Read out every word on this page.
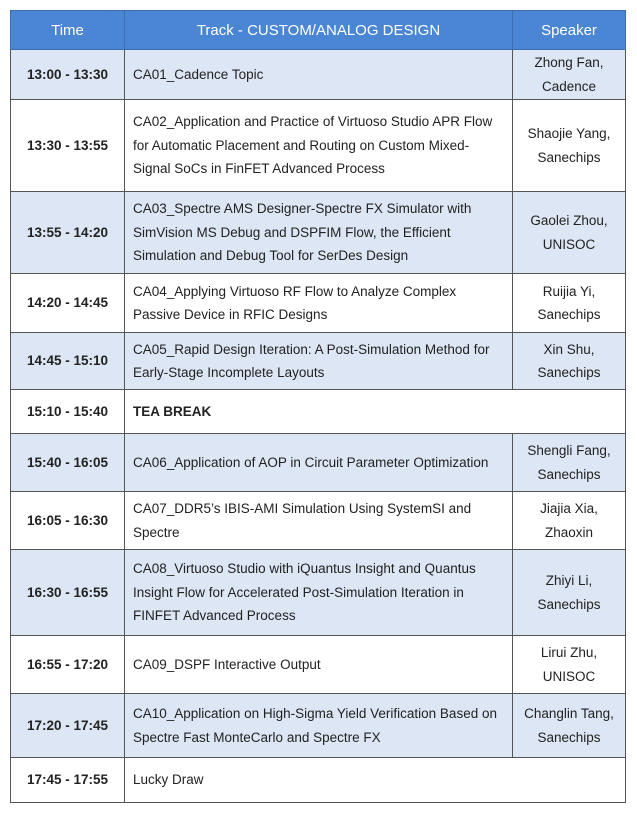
Time	Track - CUSTOM/ANALOG DESIGN	Speaker
13:00 - 13:30	CA01_Cadence Topic	Zhong Fan, Cadence
13:30 - 13:55	CA02_Application and Practice of Virtuoso Studio APR Flow for Automatic Placement and Routing on Custom Mixed-Signal SoCs in FinFET Advanced Process	Shaojie Yang, Sanechips
13:55 - 14:20	CA03_Spectre AMS Designer-Spectre FX Simulator with SimVision MS Debug and DSPFIM Flow, the Efficient Simulation and Debug Tool for SerDes Design	Gaolei Zhou, UNISOC
14:20 - 14:45	CA04_Applying Virtuoso RF Flow to Analyze Complex Passive Device in RFIC Designs	Ruijia Yi, Sanechips
14:45 - 15:10	CA05_Rapid Design Iteration: A Post-Simulation Method for Early-Stage Incomplete Layouts	Xin Shu, Sanechips
15:10 - 15:40	TEA BREAK	
15:40 - 16:05	CA06_Application of AOP in Circuit Parameter Optimization	Shengli Fang, Sanechips
16:05 - 16:30	CA07_DDR5’s IBIS-AMI Simulation Using SystemSI and Spectre	Jiajia Xia, Zhaoxin
16:30 - 16:55	CA08_Virtuoso Studio with iQuantus Insight and Quantus Insight Flow for Accelerated Post-Simulation Iteration in FINFET Advanced Process	Zhiyi Li, Sanechips
16:55 - 17:20	CA09_DSPF Interactive Output	Lirui Zhu, UNISOC
17:20 - 17:45	CA10_Application on High-Sigma Yield Verification Based on Spectre Fast MonteCarlo and Spectre FX	Changlin Tang, Sanechips
17:45 - 17:55	Lucky Draw	
